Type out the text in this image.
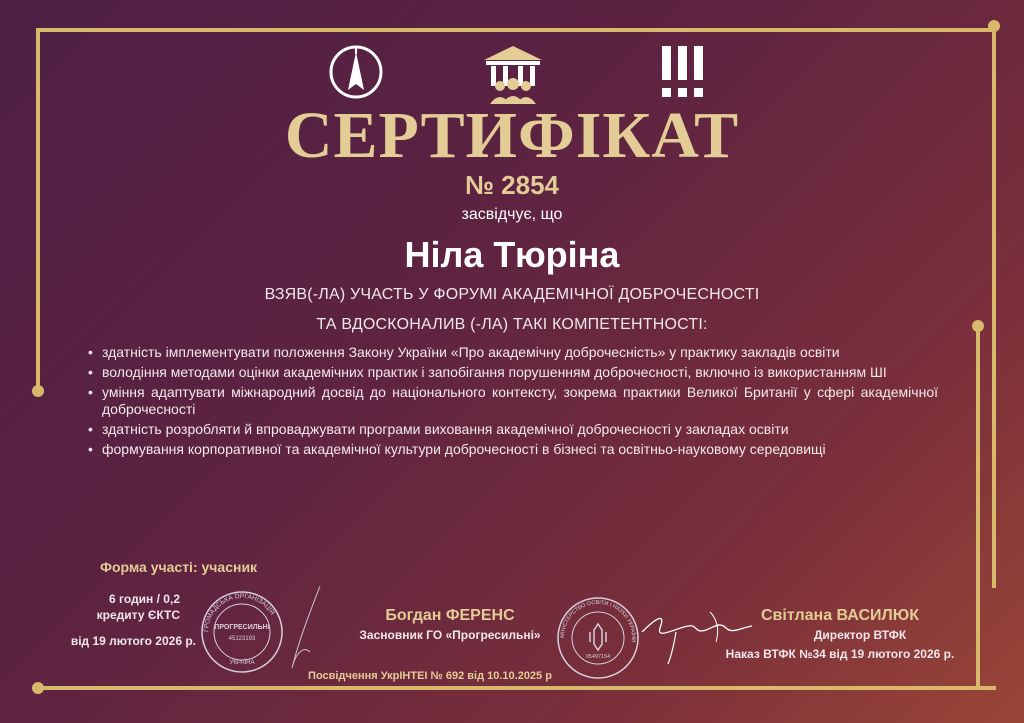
СЕРТИФІКАТ
№ 2854
засвідчує, що
Ніла Тюріна
ВЗЯВ(-ЛА) УЧАСТЬ У ФОРУМІ АКАДЕМІЧНОЇ ДОБРОЧЕСНОСТІ
ТА ВДОСКОНАЛИВ (-ЛА) ТАКІ КОМПЕТЕНТНОСТІ:
• здатність імплементувати положення Закону України «Про академічну доброчесність» у практику закладів освіти
• володіння методами оцінки академічних практик і запобігання порушенням доброчесності, включно із використанням ШІ
• уміння адаптувати міжнародний досвід до національного контексту, зокрема практики Великої Британії у сфері академічної доброчесності
• здатність розробляти й впроваджувати програми виховання академічної доброчесності у закладах освіти
• формування корпоративної та академічної культури доброчесності в бізнесі та освітньо-науковому середовищі
Форма участі: учасник
6 годин / 0,2
кредиту ЄКТС
від 19 лютого 2026 р.
ГРОМАДСЬКА ОРГАНІЗАЦІЯ
ПРОГРЕСИЛЬНІ
45123193
УКРАЇНА
Богдан ФЕРЕНС
Засновник ГО «Прогресильні»	МІНІСТЕРСТВО ОСВІТИ І НАУКИ УКРАЇНИ
05497154
Світлана ВАСИЛЮК
Директор ВТФК
Наказ ВТФК №34 від 19 лютого 2026 р.
Посвідчення УкрІНТЕІ № 692 від 10.10.2025 р
